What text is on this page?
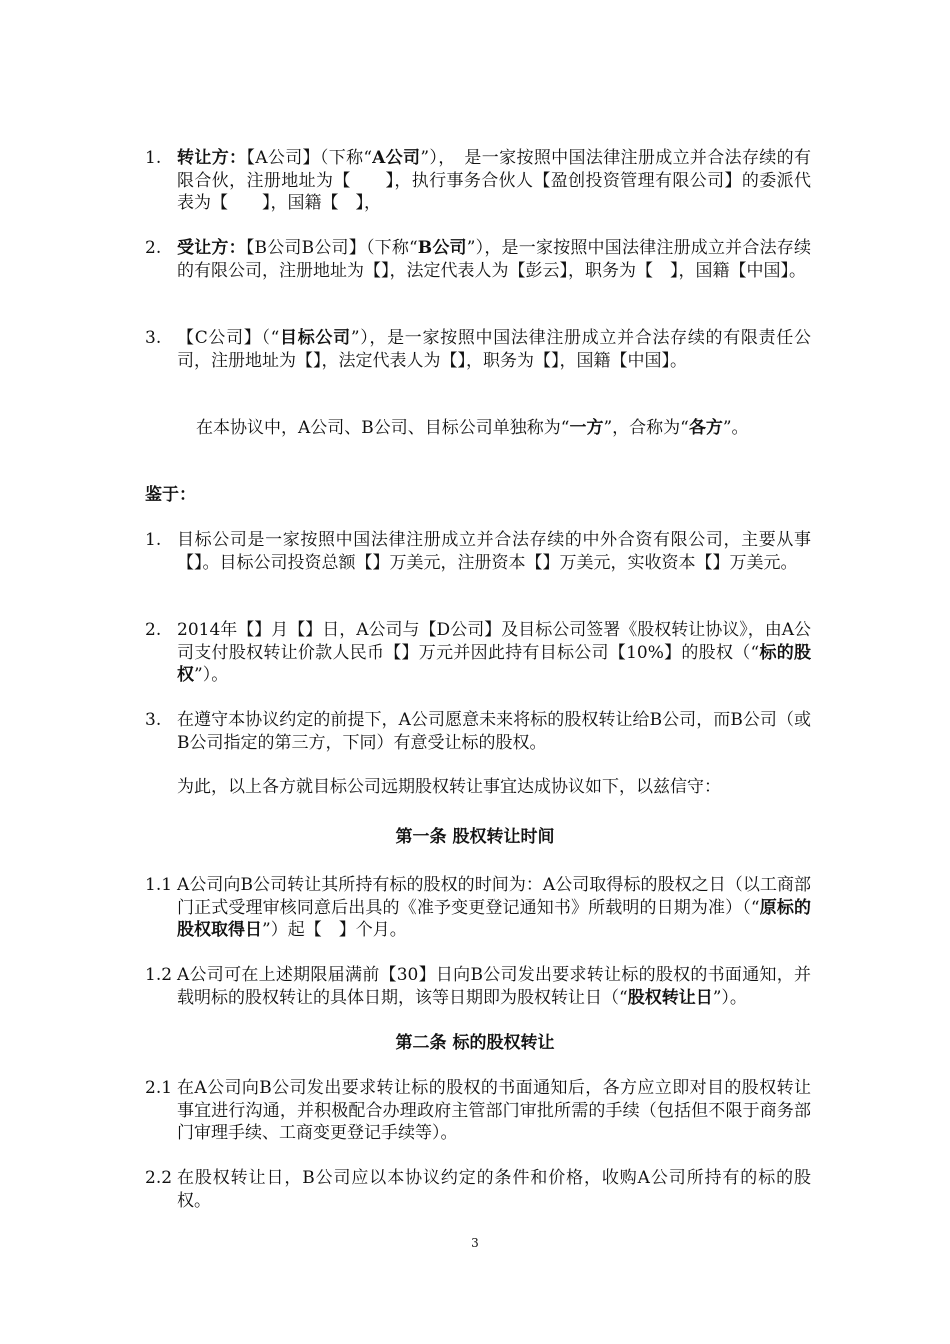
1. 转让方：【A公司】（下称“A公司”），　是一家按照中国法律注册成立并合法存续的有限合伙，注册地址为【　　】，执行事务合伙人【盈创投资管理有限公司】的委派代表为【　　】，国籍【　】，
2. 受让方：【B公司B公司】（下称“B公司”），是一家按照中国法律注册成立并合法存续的有限公司，注册地址为【】，法定代表人为【彭云】，职务为【　】，国籍【中国】。
3. 【C公司】（“目标公司”），是一家按照中国法律注册成立并合法存续的有限责任公司，注册地址为【】，法定代表人为【】，职务为【】，国籍【中国】。
　在本协议中，A公司、B公司、目标公司单独称为“一方”，合称为“各方”。
鉴于：
1. 目标公司是一家按照中国法律注册成立并合法存续的中外合资有限公司，主要从事【】。目标公司投资总额【】万美元，注册资本【】万美元，实收资本【】万美元。
2. 2014年【】月【】日，A公司与【D公司】及目标公司签署《股权转让协议》，由A公司支付股权转让价款人民币【】万元并因此持有目标公司【10%】的股权（“标的股权”）。
3. 在遵守本协议约定的前提下，A公司愿意未来将标的股权转让给B公司，而B公司（或B公司指定的第三方，下同）有意受让标的股权。
为此，以上各方就目标公司远期股权转让事宜达成协议如下，以兹信守：
第一条 股权转让时间
1.1 A公司向B公司转让其所持有标的股权的时间为：A公司取得标的股权之日（以工商部门正式受理审核同意后出具的《准予变更登记通知书》所载明的日期为准）（“原标的股权取得日”）起【　】个月。
1.2 A公司可在上述期限届满前【30】日向B公司发出要求转让标的股权的书面通知，并载明标的股权转让的具体日期，该等日期即为股权转让日（“股权转让日”）。
第二条 标的股权转让
2.1 在A公司向B公司发出要求转让标的股权的书面通知后，各方应立即对目的股权转让事宜进行沟通，并积极配合办理政府主管部门审批所需的手续（包括但不限于商务部门审理手续、工商变更登记手续等）。
2.2 在股权转让日，B公司应以本协议约定的条件和价格，收购A公司所持有的标的股权。
3
